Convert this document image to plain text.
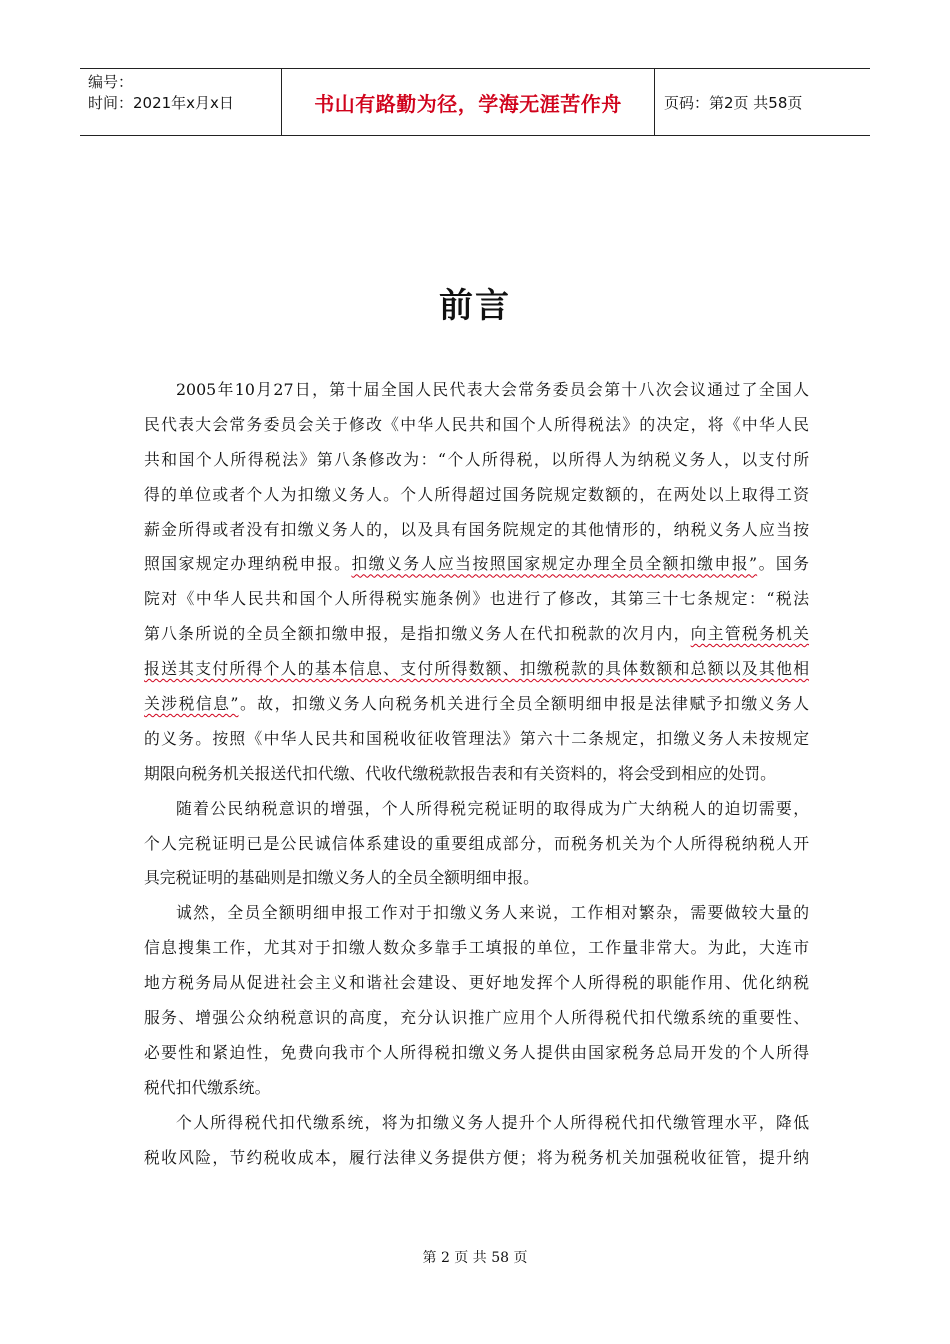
编号：
时间：2021年x月x日	书山有路勤为径，学海无涯苦作舟	页码：第2页 共58页
前言
2005年10月27日，第十届全国人民代表大会常务委员会第十八次会议通过了全国人
民代表大会常务委员会关于修改《中华人民共和国个人所得税法》的决定，将《中华人民
共和国个人所得税法》第八条修改为：“个人所得税，以所得人为纳税义务人，以支付所
得的单位或者个人为扣缴义务人。个人所得超过国务院规定数额的，在两处以上取得工资
薪金所得或者没有扣缴义务人的，以及具有国务院规定的其他情形的，纳税义务人应当按
照国家规定办理纳税申报。扣缴义务人应当按照国家规定办理全员全额扣缴申报”。国务
院对《中华人民共和国个人所得税实施条例》也进行了修改，其第三十七条规定：“税法
第八条所说的全员全额扣缴申报，是指扣缴义务人在代扣税款的次月内，向主管税务机关
报送其支付所得个人的基本信息、支付所得数额、扣缴税款的具体数额和总额以及其他相
关涉税信息”。故，扣缴义务人向税务机关进行全员全额明细申报是法律赋予扣缴义务人
的义务。按照《中华人民共和国税收征收管理法》第六十二条规定，扣缴义务人未按规定
期限向税务机关报送代扣代缴、代收代缴税款报告表和有关资料的，将会受到相应的处罚。
随着公民纳税意识的增强，个人所得税完税证明的取得成为广大纳税人的迫切需要，
个人完税证明已是公民诚信体系建设的重要组成部分，而税务机关为个人所得税纳税人开
具完税证明的基础则是扣缴义务人的全员全额明细申报。
诚然，全员全额明细申报工作对于扣缴义务人来说，工作相对繁杂，需要做较大量的
信息搜集工作，尤其对于扣缴人数众多靠手工填报的单位，工作量非常大。为此，大连市
地方税务局从促进社会主义和谐社会建设、更好地发挥个人所得税的职能作用、优化纳税
服务、增强公众纳税意识的高度，充分认识推广应用个人所得税代扣代缴系统的重要性、
必要性和紧迫性，免费向我市个人所得税扣缴义务人提供由国家税务总局开发的个人所得
税代扣代缴系统。
个人所得税代扣代缴系统，将为扣缴义务人提升个人所得税代扣代缴管理水平，降低
税收风险，节约税收成本，履行法律义务提供方便；将为税务机关加强税收征管，提升纳
第 2 页 共 58 页
